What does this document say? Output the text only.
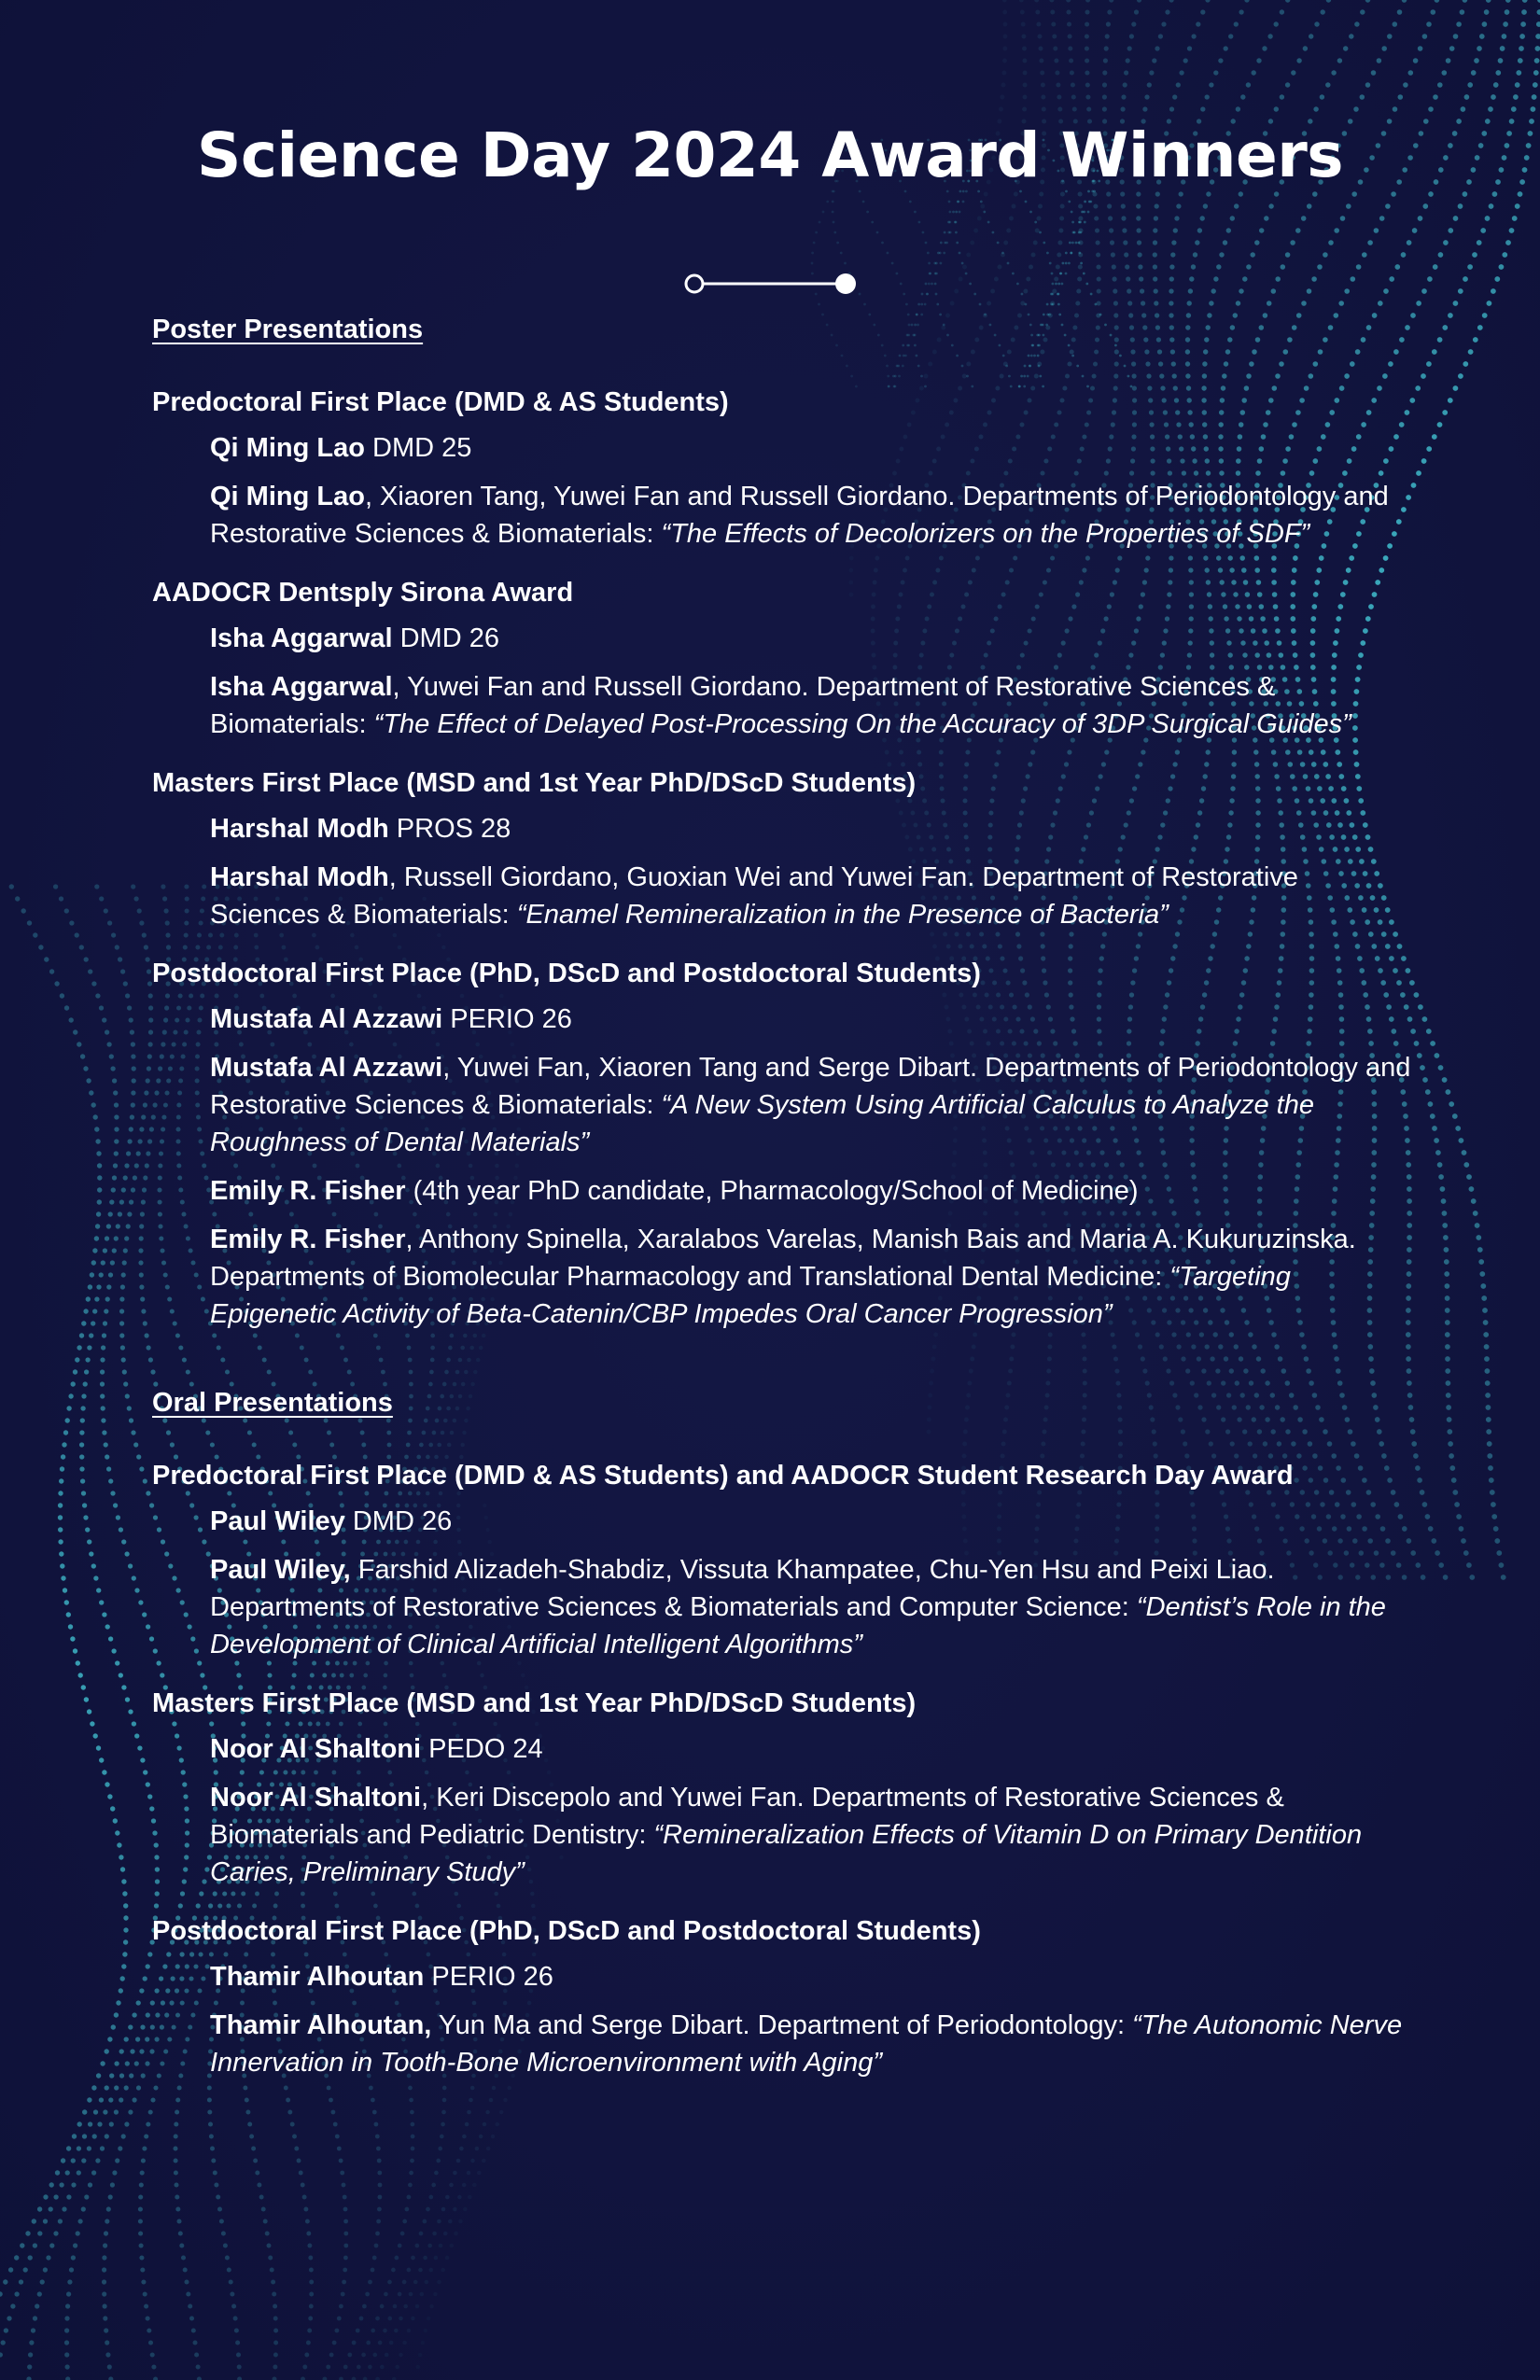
Science Day 2024 Award Winners
Poster Presentations
Predoctoral First Place (DMD & AS Students)
Qi Ming Lao DMD 25
Qi Ming Lao, Xiaoren Tang, Yuwei Fan and Russell Giordano. Departments of Periodontology and Restorative Sciences & Biomaterials: “The Effects of Decolorizers on the Properties of SDF”
AADOCR Dentsply Sirona Award
Isha Aggarwal DMD 26
Isha Aggarwal, Yuwei Fan and Russell Giordano. Department of Restorative Sciences & Biomaterials: “The Effect of Delayed Post-Processing On the Accuracy of 3DP Surgical Guides”
Masters First Place (MSD and 1st Year PhD/DScD Students)
Harshal Modh PROS 28
Harshal Modh, Russell Giordano, Guoxian Wei and Yuwei Fan. Department of Restorative Sciences & Biomaterials: “Enamel Remineralization in the Presence of Bacteria”
Postdoctoral First Place (PhD, DScD and Postdoctoral Students)
Mustafa Al Azzawi PERIO 26
Mustafa Al Azzawi, Yuwei Fan, Xiaoren Tang and Serge Dibart. Departments of Periodontology and Restorative Sciences & Biomaterials: “A New System Using Artificial Calculus to Analyze the Roughness of Dental Materials”
Emily R. Fisher (4th year PhD candidate, Pharmacology/School of Medicine)
Emily R. Fisher, Anthony Spinella, Xaralabos Varelas, Manish Bais and Maria A. Kukuruzinska. Departments of Biomolecular Pharmacology and Translational Dental Medicine: “Targeting Epigenetic Activity of Beta-Catenin/CBP Impedes Oral Cancer Progression”
Oral Presentations
Predoctoral First Place (DMD & AS Students) and AADOCR Student Research Day Award
Paul Wiley DMD 26
Paul Wiley, Farshid Alizadeh-Shabdiz, Vissuta Khampatee, Chu-Yen Hsu and Peixi Liao. Departments of Restorative Sciences & Biomaterials and Computer Science: “Dentist’s Role in the Development of Clinical Artificial Intelligent Algorithms”
Masters First Place (MSD and 1st Year PhD/DScD Students)
Noor Al Shaltoni PEDO 24
Noor Al Shaltoni, Keri Discepolo and Yuwei Fan. Departments of Restorative Sciences & Biomaterials and Pediatric Dentistry: “Remineralization Effects of Vitamin D on Primary Dentition Caries, Preliminary Study”
Postdoctoral First Place (PhD, DScD and Postdoctoral Students)
Thamir Alhoutan PERIO 26
Thamir Alhoutan, Yun Ma and Serge Dibart. Department of Periodontology: “The Autonomic Nerve Innervation in Tooth-Bone Microenvironment with Aging”
